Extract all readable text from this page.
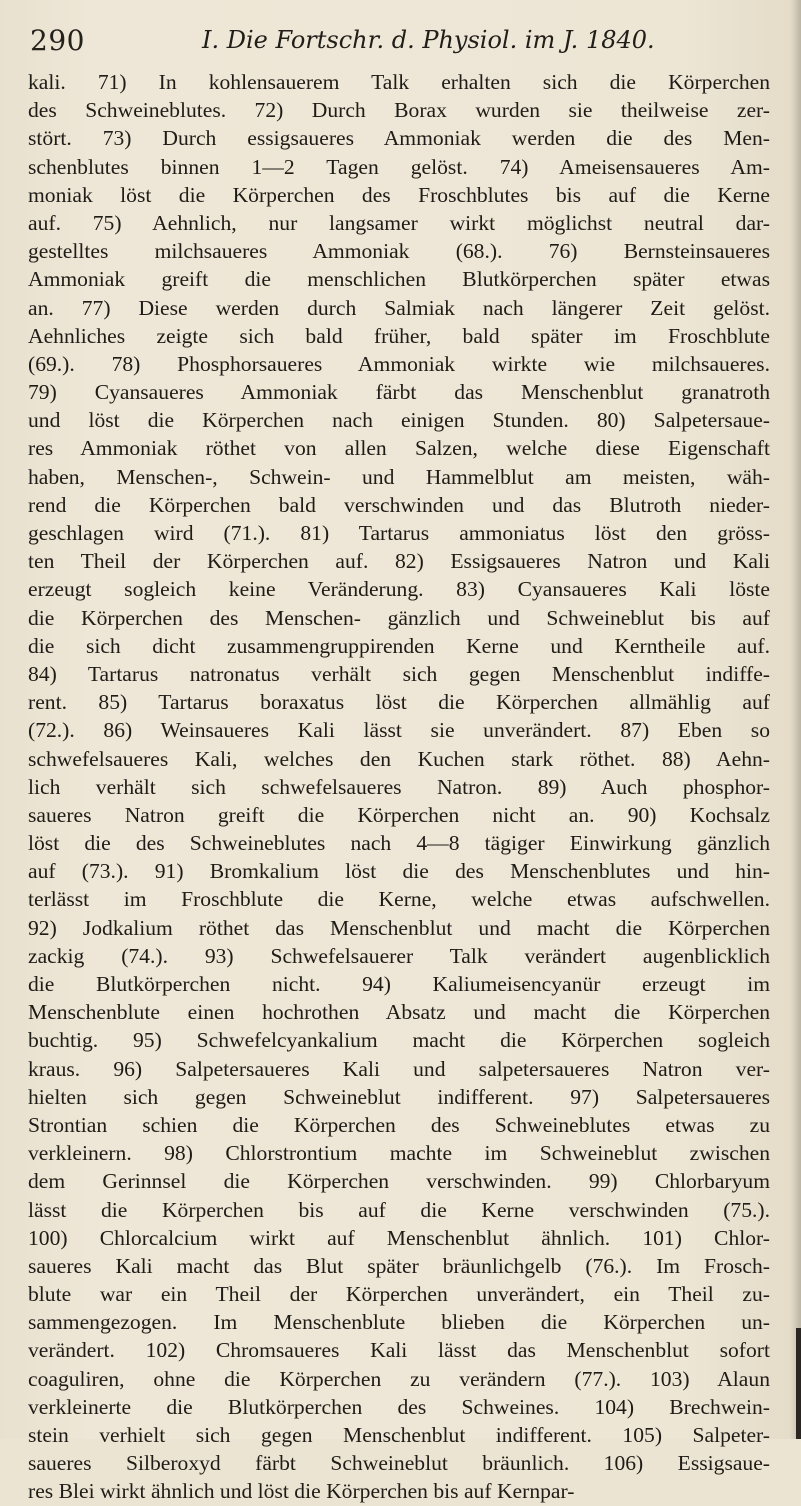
290	I. Die Fortschr. d. Physiol. im J. 1840.
kali. 71) In kohlensauerem Talk erhalten sich die Körperchen
des Schweineblutes. 72) Durch Borax wurden sie theilweise zer-
stört. 73) Durch essigsaueres Ammoniak werden die des Men-
schenblutes binnen 1—2 Tagen gelöst. 74) Ameisensaueres Am-
moniak löst die Körperchen des Froschblutes bis auf die Kerne
auf. 75) Aehnlich, nur langsamer wirkt möglichst neutral dar-
gestelltes milchsaueres Ammoniak (68.). 76) Bernsteinsaueres
Ammoniak greift die menschlichen Blutkörperchen später etwas
an. 77) Diese werden durch Salmiak nach längerer Zeit gelöst.
Aehnliches zeigte sich bald früher, bald später im Froschblute
(69.). 78) Phosphorsaueres Ammoniak wirkte wie milchsaueres.
79) Cyansaueres Ammoniak färbt das Menschenblut granatroth
und löst die Körperchen nach einigen Stunden. 80) Salpetersaue-
res Ammoniak röthet von allen Salzen, welche diese Eigenschaft
haben, Menschen-, Schwein- und Hammelblut am meisten, wäh-
rend die Körperchen bald verschwinden und das Blutroth nieder-
geschlagen wird (71.). 81) Tartarus ammoniatus löst den gröss-
ten Theil der Körperchen auf. 82) Essigsaueres Natron und Kali
erzeugt sogleich keine Veränderung. 83) Cyansaueres Kali löste
die Körperchen des Menschen- gänzlich und Schweineblut bis auf
die sich dicht zusammengruppirenden Kerne und Kerntheile auf.
84) Tartarus natronatus verhält sich gegen Menschenblut indiffe-
rent. 85) Tartarus boraxatus löst die Körperchen allmählig auf
(72.). 86) Weinsaueres Kali lässt sie unverändert. 87) Eben so
schwefelsaueres Kali, welches den Kuchen stark röthet. 88) Aehn-
lich verhält sich schwefelsaueres Natron. 89) Auch phosphor-
saueres Natron greift die Körperchen nicht an. 90) Kochsalz
löst die des Schweineblutes nach 4—8 tägiger Einwirkung gänzlich
auf (73.). 91) Bromkalium löst die des Menschenblutes und hin-
terlässt im Froschblute die Kerne, welche etwas aufschwellen.
92) Jodkalium röthet das Menschenblut und macht die Körperchen
zackig (74.). 93) Schwefelsauerer Talk verändert augenblicklich
die Blutkörperchen nicht. 94) Kaliumeisencyanür erzeugt im
Menschenblute einen hochrothen Absatz und macht die Körperchen
buchtig. 95) Schwefelcyankalium macht die Körperchen sogleich
kraus. 96) Salpetersaueres Kali und salpetersaueres Natron ver-
hielten sich gegen Schweineblut indifferent. 97) Salpetersaueres
Strontian schien die Körperchen des Schweineblutes etwas zu
verkleinern. 98) Chlorstrontium machte im Schweineblut zwischen
dem Gerinnsel die Körperchen verschwinden. 99) Chlorbaryum
lässt die Körperchen bis auf die Kerne verschwinden (75.).
100) Chlorcalcium wirkt auf Menschenblut ähnlich. 101) Chlor-
saueres Kali macht das Blut später bräunlichgelb (76.). Im Frosch-
blute war ein Theil der Körperchen unverändert, ein Theil zu-
sammengezogen. Im Menschenblute blieben die Körperchen un-
verändert. 102) Chromsaueres Kali lässt das Menschenblut sofort
coaguliren, ohne die Körperchen zu verändern (77.). 103) Alaun
verkleinerte die Blutkörperchen des Schweines. 104) Brechwein-
stein verhielt sich gegen Menschenblut indifferent. 105) Salpeter-
saueres Silberoxyd färbt Schweineblut bräunlich. 106) Essigsaue-
res Blei wirkt ähnlich und löst die Körperchen bis auf Kernpar-
